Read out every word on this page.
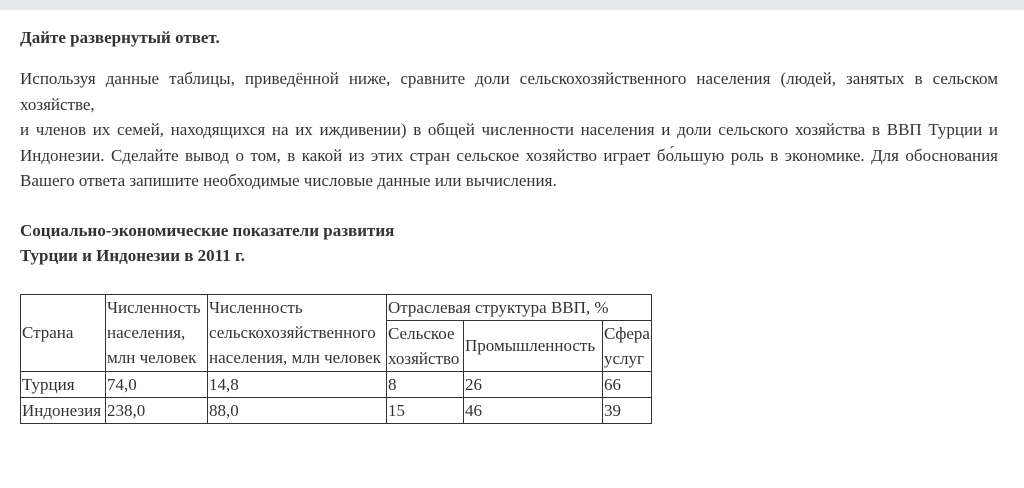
Дайте развернутый ответ.

Используя данные таблицы, приведённой ниже, сравните доли сельскохозяйственного населения (людей, занятых в сельском хозяйстве,

и членов их семей, находящихся на их иждивении) в общей численности населения и доли сельского хозяйства в ВВП Турции и Индонезии. Сделайте вывод о том, в какой из этих стран сельское хозяйство играет бо́льшую роль в экономике. Для обоснования Вашего ответа запишите необходимые числовые данные или вычисления.

Социально-экономические показатели развития
Турции и Индонезии в 2011 г.
Страна	Численность населения, млн человек	Численность сельскохозяйственного населения, млн человек	Отраслевая структура ВВП, %		
			Сельское хозяйство	Промышленность	Сфера услуг
Турция	74,0	14,8	8	26	66
Индонезия	238,0	88,0	15	46	39
